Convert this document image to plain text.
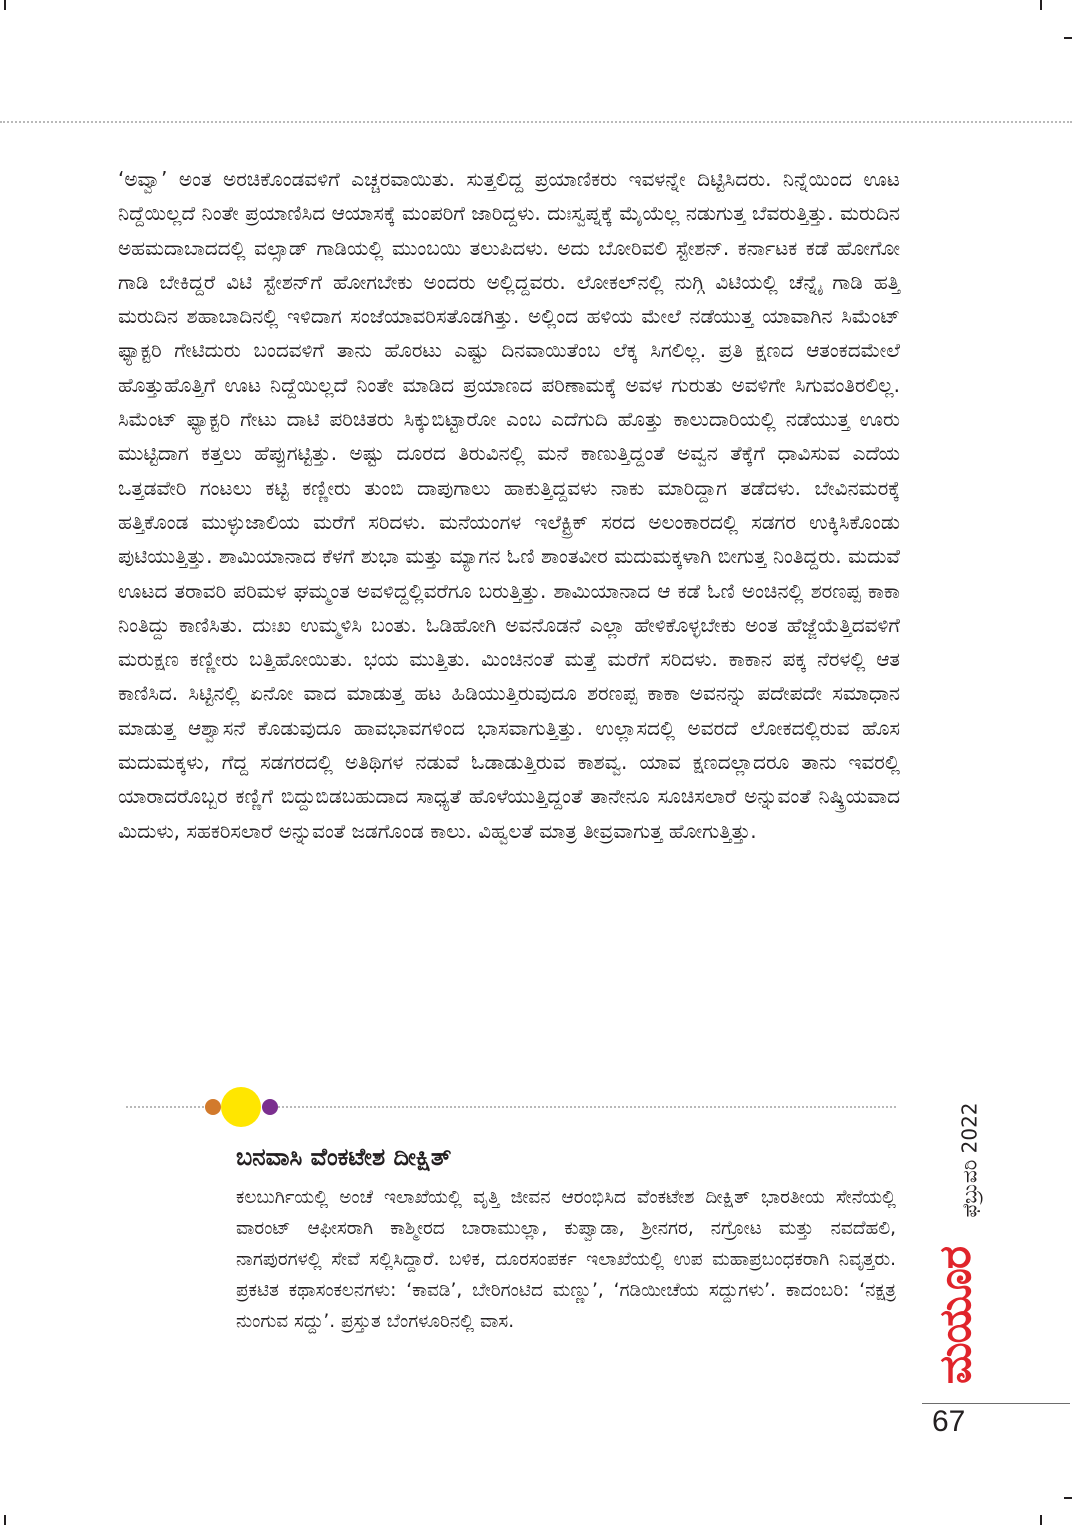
‘ಅವ್ವಾ’ ಅಂತ ಅರಚಿಕೊಂಡವಳಿಗೆ ಎಚ್ಚರವಾಯಿತು. ಸುತ್ತಲಿದ್ದ ಪ್ರಯಾಣಿಕರು ಇವಳನ್ನೇ ದಿಟ್ಟಿಸಿದರು. ನಿನ್ನೆಯಿಂದ ಊಟ ನಿದ್ದೆಯಿಲ್ಲದೆ ನಿಂತೇ ಪ್ರಯಾಣಿಸಿದ ಆಯಾಸಕ್ಕೆ ಮಂಪರಿಗೆ ಜಾರಿದ್ದಳು. ದುಃಸ್ವಪ್ನಕ್ಕೆ ಮೈಯೆಲ್ಲ ನಡುಗುತ್ತ ಬೆವರುತ್ತಿತ್ತು. ಮರುದಿನ ಅಹಮದಾಬಾದದಲ್ಲಿ ವಲ್ಸಾಡ್ ಗಾಡಿಯಲ್ಲಿ ಮುಂಬಯಿ ತಲುಪಿದಳು. ಅದು ಬೋರಿವಲಿ ಸ್ಟೇಶನ್. ಕರ್ನಾಟಕ ಕಡೆ ಹೋಗೋ ಗಾಡಿ ಬೇಕಿದ್ದರೆ ವಿಟಿ ಸ್ಟೇಶನ್‌ಗೆ ಹೋಗಬೇಕು ಅಂದರು ಅಲ್ಲಿದ್ದವರು. ಲೋಕಲ್‌ನಲ್ಲಿ ನುಗ್ಗಿ ವಿಟಿಯಲ್ಲಿ ಚೆನ್ನೈ ಗಾಡಿ ಹತ್ತಿ ಮರುದಿನ ಶಹಾಬಾದಿನಲ್ಲಿ ಇಳಿದಾಗ ಸಂಜೆಯಾವರಿಸತೊಡಗಿತ್ತು. ಅಲ್ಲಿಂದ ಹಳಿಯ ಮೇಲೆ ನಡೆಯುತ್ತ ಯಾವಾಗಿನ ಸಿಮೆಂಟ್ ಫ್ಯಾಕ್ಟರಿ ಗೇಟಿದುರು ಬಂದವಳಿಗೆ ತಾನು ಹೊರಟು ಎಷ್ಟು ದಿನವಾಯಿತೆಂಬ ಲೆಕ್ಕ ಸಿಗಲಿಲ್ಲ. ಪ್ರತಿ ಕ್ಷಣದ ಆತಂಕದಮೇಲೆ ಹೊತ್ತುಹೊತ್ತಿಗೆ ಊಟ ನಿದ್ದೆಯಿಲ್ಲದೆ ನಿಂತೇ ಮಾಡಿದ ಪ್ರಯಾಣದ ಪರಿಣಾಮಕ್ಕೆ ಅವಳ ಗುರುತು ಅವಳಿಗೇ ಸಿಗುವಂತಿರಲಿಲ್ಲ. ಸಿಮೆಂಟ್ ಫ್ಯಾಕ್ಟರಿ ಗೇಟು ದಾಟಿ ಪರಿಚಿತರು ಸಿಕ್ಕುಬಿಟ್ಟಾರೋ ಎಂಬ ಎದೆಗುದಿ ಹೊತ್ತು ಕಾಲುದಾರಿಯಲ್ಲಿ ನಡೆಯುತ್ತ ಊರು ಮುಟ್ಟಿದಾಗ ಕತ್ತಲು ಹೆಪ್ಪುಗಟ್ಟಿತ್ತು. ಅಷ್ಟು ದೂರದ ತಿರುವಿನಲ್ಲಿ ಮನೆ ಕಾಣುತ್ತಿದ್ದಂತೆ ಅವ್ವನ ತೆಕ್ಕೆಗೆ ಧಾವಿಸುವ ಎದೆಯ ಒತ್ತಡವೇರಿ ಗಂಟಲು ಕಟ್ಟಿ ಕಣ್ಣೀರು ತುಂಬಿ ದಾಪುಗಾಲು ಹಾಕುತ್ತಿದ್ದವಳು ನಾಕು ಮಾರಿದ್ದಾಗ ತಡೆದಳು. ಬೇವಿನಮರಕ್ಕೆ ಹತ್ತಿಕೊಂಡ ಮುಳ್ಳುಜಾಲಿಯ ಮರೆಗೆ ಸರಿದಳು. ಮನೆಯಂಗಳ ಇಲೆಕ್ಟ್ರಿಕ್ ಸರದ ಅಲಂಕಾರದಲ್ಲಿ ಸಡಗರ ಉಕ್ಕಿಸಿಕೊಂಡು ಪುಟಿಯುತ್ತಿತ್ತು. ಶಾಮಿಯಾನಾದ ಕೆಳಗೆ ಶುಭಾ ಮತ್ತು ಮ್ಯಾಗನ ಓಣಿ ಶಾಂತವೀರ ಮದುಮಕ್ಕಳಾಗಿ ಬೀಗುತ್ತ ನಿಂತಿದ್ದರು. ಮದುವೆ ಊಟದ ತರಾವರಿ ಪರಿಮಳ ಘಮ್ಮಂತ ಅವಳಿದ್ದಲ್ಲಿವರೆಗೂ ಬರುತ್ತಿತ್ತು. ಶಾಮಿಯಾನಾದ ಆ ಕಡೆ ಓಣಿ ಅಂಚಿನಲ್ಲಿ ಶರಣಪ್ಪ ಕಾಕಾ ನಿಂತಿದ್ದು ಕಾಣಿಸಿತು. ದುಃಖ ಉಮ್ಮಳಿಸಿ ಬಂತು. ಓಡಿಹೋಗಿ ಅವನೊಡನೆ ಎಲ್ಲಾ ಹೇಳಿಕೊಳ್ಳಬೇಕು ಅಂತ ಹೆಜ್ಜೆಯೆತ್ತಿದವಳಿಗೆ ಮರುಕ್ಷಣ ಕಣ್ಣೀರು ಬತ್ತಿಹೋಯಿತು. ಭಯ ಮುತ್ತಿತು. ಮಿಂಚಿನಂತೆ ಮತ್ತೆ ಮರೆಗೆ ಸರಿದಳು. ಕಾಕಾನ ಪಕ್ಕ ನೆರಳಲ್ಲಿ ಆತ ಕಾಣಿಸಿದ. ಸಿಟ್ಟಿನಲ್ಲಿ ಏನೋ ವಾದ ಮಾಡುತ್ತ ಹಟ ಹಿಡಿಯುತ್ತಿರುವುದೂ ಶರಣಪ್ಪ ಕಾಕಾ ಅವನನ್ನು ಪದೇಪದೇ ಸಮಾಧಾನ ಮಾಡುತ್ತ ಆಶ್ವಾಸನೆ ಕೊಡುವುದೂ ಹಾವಭಾವಗಳಿಂದ ಭಾಸವಾಗುತ್ತಿತ್ತು. ಉಲ್ಲಾಸದಲ್ಲಿ ಅವರದೆ ಲೋಕದಲ್ಲಿರುವ ಹೊಸ ಮದುಮಕ್ಕಳು, ಗೆದ್ದ ಸಡಗರದಲ್ಲಿ ಅತಿಥಿಗಳ ನಡುವೆ ಓಡಾಡುತ್ತಿರುವ ಕಾಶವ್ವ. ಯಾವ ಕ್ಷಣದಲ್ಲಾದರೂ ತಾನು ಇವರಲ್ಲಿ ಯಾರಾದರೊಬ್ಬರ ಕಣ್ಣಿಗೆ ಬಿದ್ದುಬಿಡಬಹುದಾದ ಸಾಧ್ಯತೆ ಹೊಳೆಯುತ್ತಿದ್ದಂತೆ ತಾನೇನೂ ಸೂಚಿಸಲಾರೆ ಅನ್ನುವಂತೆ ನಿಷ್ಕ್ರಿಯವಾದ ಮಿದುಳು, ಸಹಕರಿಸಲಾರೆ ಅನ್ನುವಂತೆ ಜಡಗೊಂಡ ಕಾಲು. ವಿಹ್ವಲತೆ ಮಾತ್ರ ತೀವ್ರವಾಗುತ್ತ ಹೋಗುತ್ತಿತ್ತು.

ಬನವಾಸಿ ವೆಂಕಟೇಶ ದೀಕ್ಷಿತ್

ಕಲಬುರ್ಗಿಯಲ್ಲಿ ಅಂಚೆ ಇಲಾಖೆಯಲ್ಲಿ ವೃತ್ತಿ ಜೀವನ ಆರಂಭಿಸಿದ ವೆಂಕಟೇಶ ದೀಕ್ಷಿತ್ ಭಾರತೀಯ ಸೇನೆಯಲ್ಲಿ ವಾರಂಟ್ ಆಫೀಸರಾಗಿ ಕಾಶ್ಮೀರದ ಬಾರಾಮುಲ್ಲಾ, ಕುಪ್ವಾಡಾ, ಶ್ರೀನಗರ, ನಗ್ರೋಟ ಮತ್ತು ನವದೆಹಲಿ, ನಾಗಪುರಗಳಲ್ಲಿ ಸೇವೆ ಸಲ್ಲಿಸಿದ್ದಾರೆ. ಬಳಿಕ, ದೂರಸಂಪರ್ಕ ಇಲಾಖೆಯಲ್ಲಿ ಉಪ ಮಹಾಪ್ರಬಂಧಕರಾಗಿ ನಿವೃತ್ತರು. ಪ್ರಕಟಿತ ಕಥಾಸಂಕಲನಗಳು: ‘ಕಾವಡಿ’, ಬೇರಿಗಂಟಿದ ಮಣ್ಣು’, ‘ಗಡಿಯೀಚೆಯ ಸದ್ದುಗಳು’. ಕಾದಂಬರಿ: ‘ನಕ್ಷತ್ರ ನುಂಗುವ ಸದ್ದು’. ಪ್ರಸ್ತುತ ಬೆಂಗಳೂರಿನಲ್ಲಿ ವಾಸ.

ಫೆಬ್ರುವರಿ 2022
ಮಯೂರ

67
